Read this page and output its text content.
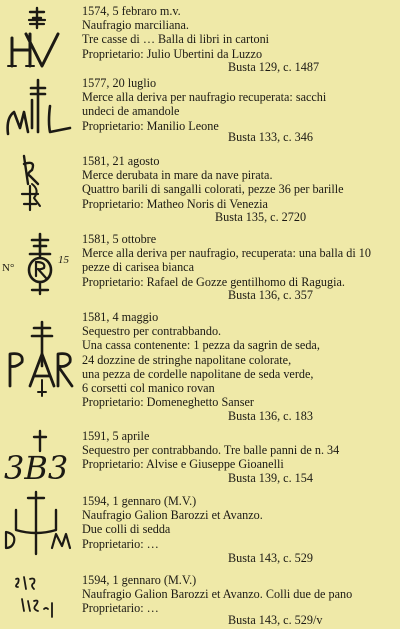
1574, 5 febraro m.v.
Naufragio marciliana.
Tre casse di … Balla di libri in cartoni
Proprietario: Julio Ubertini da Luzzo
Busta 129, c. 1487
1577, 20 luglio
Merce alla deriva per naufragio recuperata: sacchi
undeci de amandole
Proprietario: Manilio Leone
Busta 133, c. 346
1581, 21 agosto
Merce derubata in mare da nave pirata.
Quattro barili di sangalli colorati, pezze 36 per barille
Proprietario: Matheo Noris di Venezia
Busta 135, c. 2720
N°
15
1581, 5 ottobre
Merce alla deriva per naufragio, recuperata: una balla di 10
pezze di carisea bianca
Proprietario: Rafael de Gozze gentilhomo di Ragugia.
Busta 136, c. 357
1581, 4 maggio
Sequestro per contrabbando.
Una cassa contenente: 1 pezza da sagrin de seda,
24 dozzine de stringhe napolitane colorate,
una pezza de cordelle napolitane de seda verde,
6 corsetti col manico rovan
Proprietario: Domeneghetto Sanser
Busta 136, c. 183
3B3
1591, 5 aprile
Sequestro per contrabbando. Tre balle panni de n. 34
Proprietario: Alvise e Giuseppe Gioanelli
Busta 139, c. 154
1594, 1 gennaro (M.V.)
Naufragio Galion Barozzi et Avanzo.
Due colli di sedda
Proprietario: …
Busta 143, c. 529
1594, 1 gennaro (M.V.)
Naufragio Galion Barozzi et Avanzo. Colli due de pano
Proprietario: …
Busta 143, c. 529/v
